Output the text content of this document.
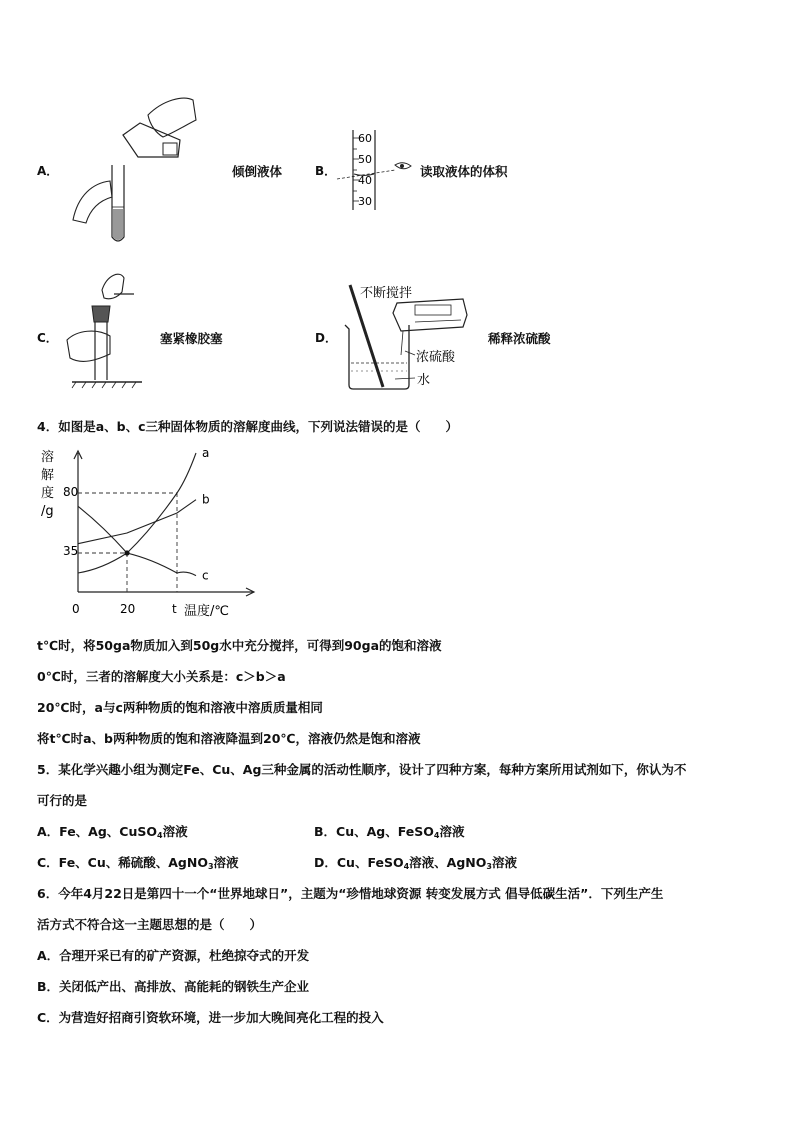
A．	倾倒液体	B．
60
50
40
30
读取液体的体积
C．	塞紧橡胶塞	D．
不断搅拌
浓硫酸
水
稀释浓硫酸
4．如图是a、b、c三种固体物质的溶解度曲线，下列说法错误的是（　　）
溶解度/g
a
b
c
0	20	t
35
80
温度/℃
t℃时，将50ga物质加入到50g水中充分搅拌，可得到90ga的饱和溶液
0℃时，三者的溶解度大小关系是：c＞b＞a
20℃时，a与c两种物质的饱和溶液中溶质质量相同
将t℃时a、b两种物质的饱和溶液降温到20℃，溶液仍然是饱和溶液
5．某化学兴趣小组为测定Fe、Cu、Ag三种金属的活动性顺序，设计了四种方案，每种方案所用试剂如下，你认为不
可行的是
A．Fe、Ag、CuSO$_4$溶液	B．Cu、Ag、FeSO$_4$溶液
C．Fe、Cu、稀硫酸、AgNO$_3$溶液	D．Cu、FeSO$_4$溶液、AgNO$_3$溶液
6．今年4月22日是第四十一个“世界地球日”，主题为“珍惜地球资源 转变发展方式 倡导低碳生活”．下列生产生
活方式不符合这一主题思想的是（　　）
A．合理开采已有的矿产资源，杜绝掠夺式的开发
B．关闭低产出、高排放、高能耗的钢铁生产企业
C．为营造好招商引资软环境，进一步加大晚间亮化工程的投入
